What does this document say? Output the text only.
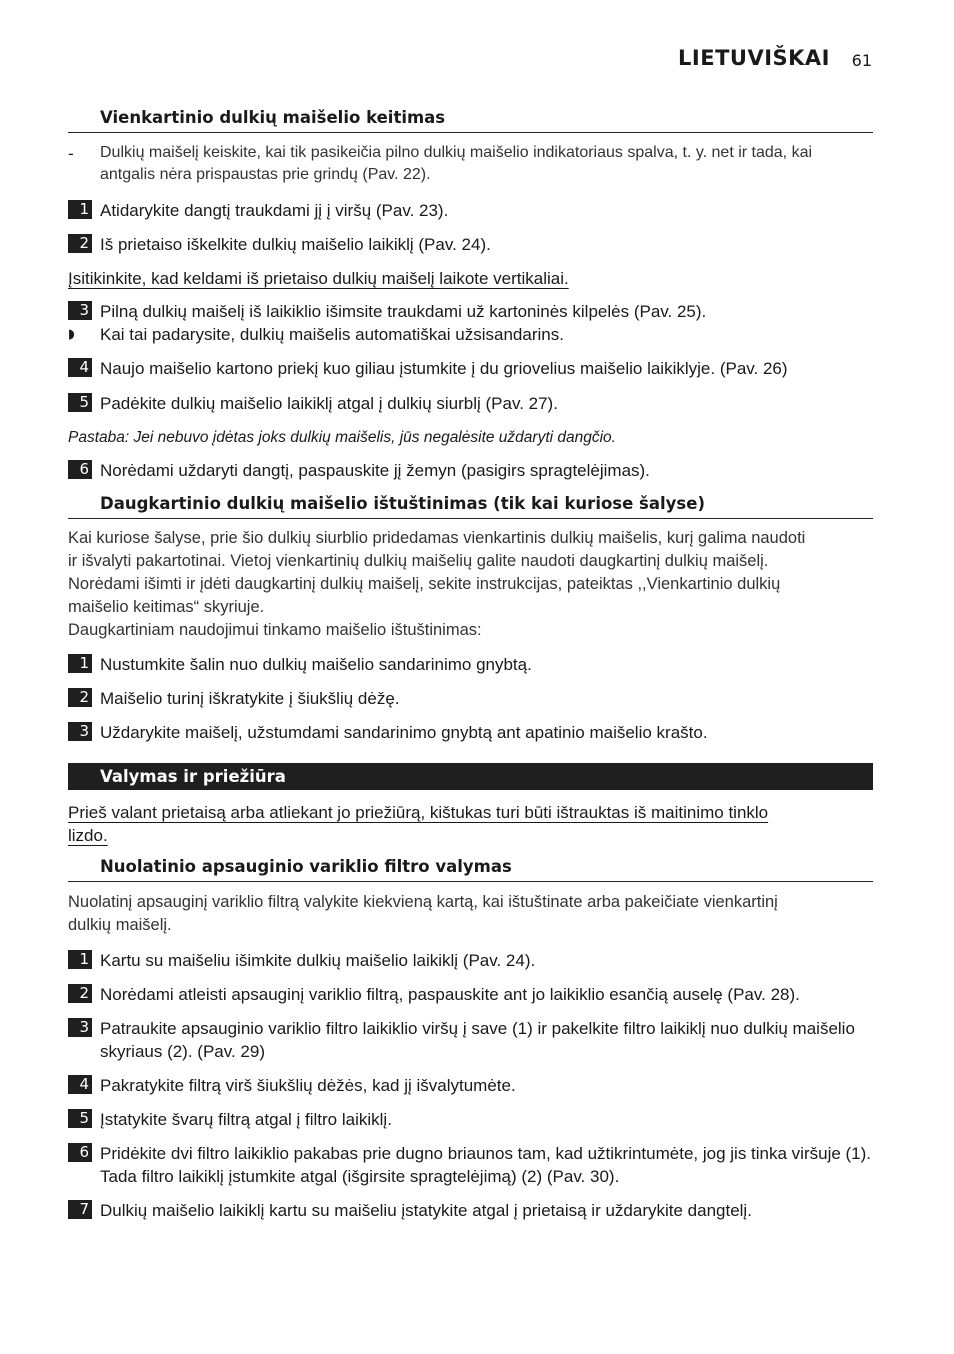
LIETUVIŠKAI 61
Vienkartinio dulkių maišelio keitimas
- Dulkių maišelį keiskite, kai tik pasikeičia pilno dulkių maišelio indikatoriaus spalva, t. y. net ir tada, kai antgalis nėra prispaustas prie grindų (Pav. 22).
1 Atidarykite dangtį traukdami jį į viršų (Pav. 23).
2 Iš prietaiso iškelkite dulkių maišelio laikiklį (Pav. 24).
Įsitikinkite, kad keldami iš prietaiso dulkių maišelį laikote vertikaliai.
3 Pilną dulkių maišelį iš laikiklio išimsite traukdami už kartoninės kilpelės (Pav. 25).
◗ Kai tai padarysite, dulkių maišelis automatiškai užsisandarins.
4 Naujo maišelio kartono priekį kuo giliau įstumkite į du griovelius maišelio laikiklyje. (Pav. 26)
5 Padėkite dulkių maišelio laikiklį atgal į dulkių siurblį (Pav. 27).
Pastaba: Jei nebuvo įdėtas joks dulkių maišelis, jūs negalėsite uždaryti dangčio.
6 Norėdami uždaryti dangtį, paspauskite jį žemyn (pasigirs spragtelėjimas).
Daugkartinio dulkių maišelio ištuštinimas (tik kai kuriose šalyse)
Kai kuriose šalyse, prie šio dulkių siurblio pridedamas vienkartinis dulkių maišelis, kurį galima naudoti
ir išvalyti pakartotinai. Vietoj vienkartinių dulkių maišelių galite naudoti daugkartinį dulkių maišelį.
Norėdami išimti ir įdėti daugkartinį dulkių maišelį, sekite instrukcijas, pateiktas ,,Vienkartinio dulkių
maišelio keitimas“ skyriuje.
Daugkartiniam naudojimui tinkamo maišelio ištuštinimas:
1 Nustumkite šalin nuo dulkių maišelio sandarinimo gnybtą.
2 Maišelio turinį iškratykite į šiukšlių dėžę.
3 Uždarykite maišelį, užstumdami sandarinimo gnybtą ant apatinio maišelio krašto.
Valymas ir priežiūra
Prieš valant prietaisą arba atliekant jo priežiūrą, kištukas turi būti ištrauktas iš maitinimo tinklo
lizdo.
Nuolatinio apsauginio variklio filtro valymas
Nuolatinį apsauginį variklio filtrą valykite kiekvieną kartą, kai ištuštinate arba pakeičiate vienkartinį
dulkių maišelį.
1 Kartu su maišeliu išimkite dulkių maišelio laikiklį (Pav. 24).
2 Norėdami atleisti apsauginį variklio filtrą, paspauskite ant jo laikiklio esančią auselę (Pav. 28).
3 Patraukite apsauginio variklio filtro laikiklio viršų į save (1) ir pakelkite filtro laikiklį nuo dulkių maišelio skyriaus (2). (Pav. 29)
4 Pakratykite filtrą virš šiukšlių dėžės, kad jį išvalytumėte.
5 Įstatykite švarų filtrą atgal į filtro laikiklį.
6 Pridėkite dvi filtro laikiklio pakabas prie dugno briaunos tam, kad užtikrintumėte, jog jis tinka viršuje (1). Tada filtro laikiklį įstumkite atgal (išgirsite spragtelėjimą) (2) (Pav. 30).
7 Dulkių maišelio laikiklį kartu su maišeliu įstatykite atgal į prietaisą ir uždarykite dangtelį.
